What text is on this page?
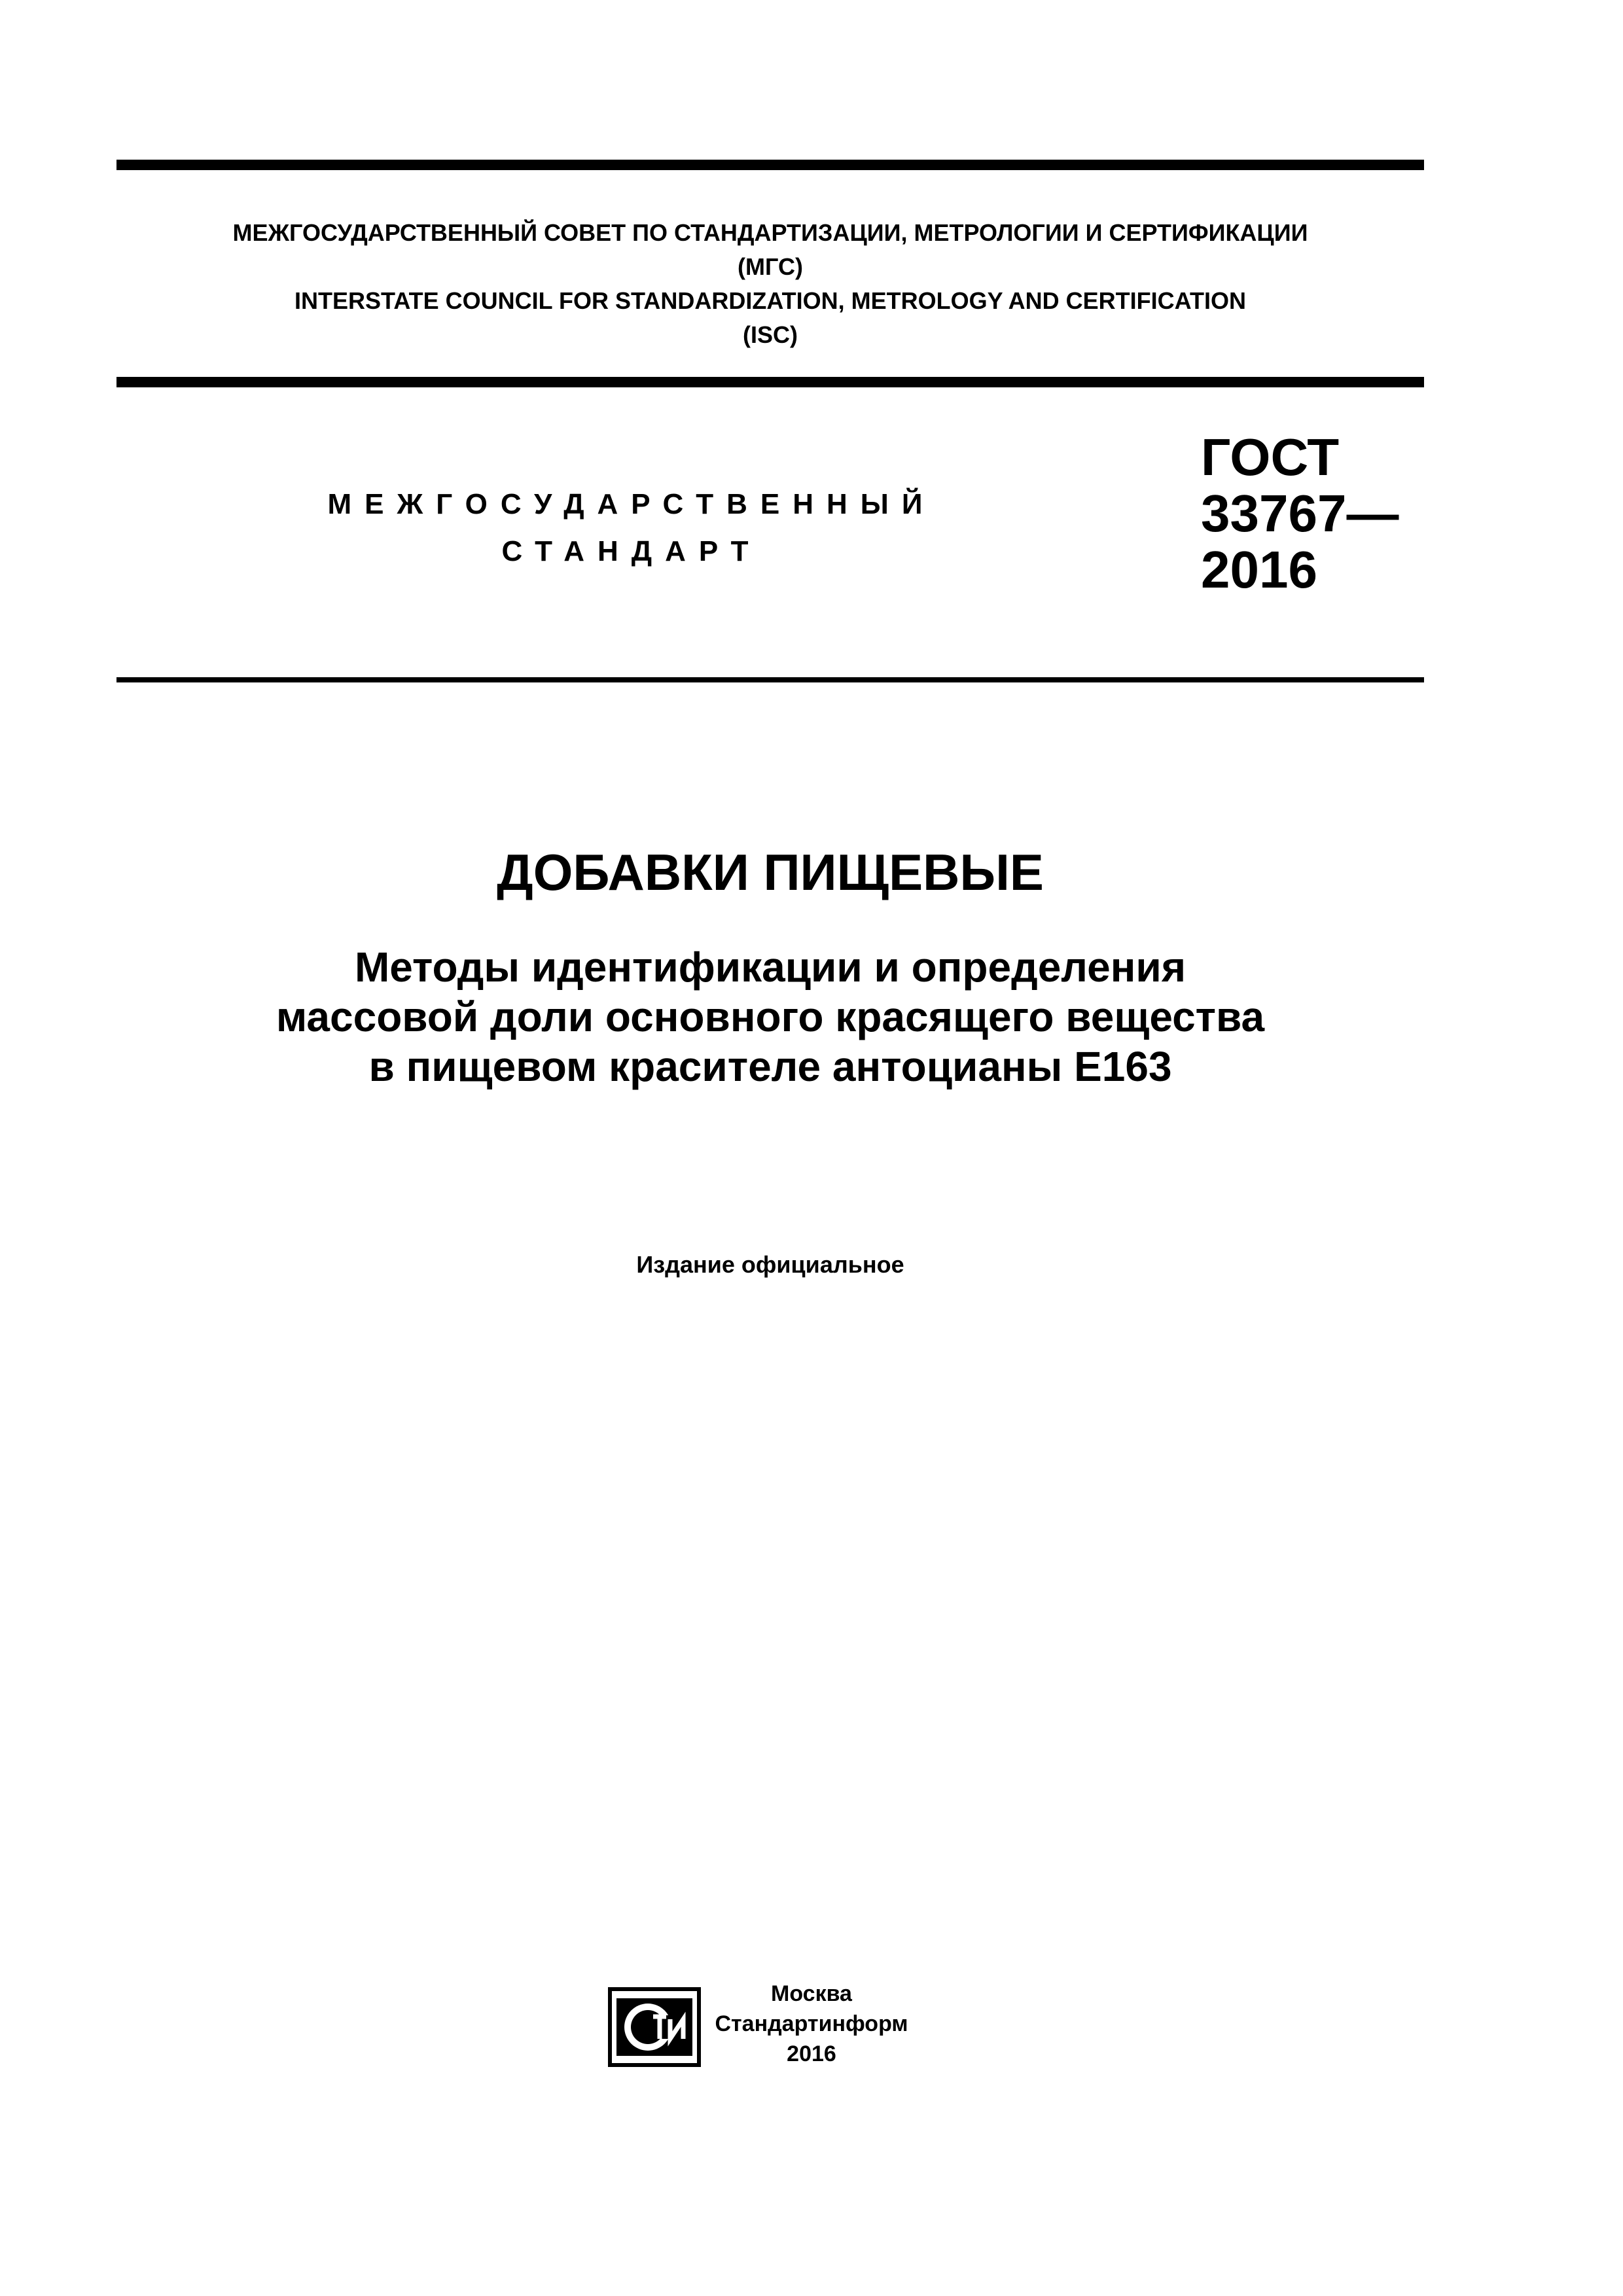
МЕЖГОСУДАРСТВЕННЫЙ СОВЕТ ПО СТАНДАРТИЗАЦИИ, МЕТРОЛОГИИ И СЕРТИФИКАЦИИ
(МГС)
INTERSTATE COUNCIL FOR STANDARDIZATION, METROLOGY AND CERTIFICATION
(ISC)
МЕЖГОСУДАРСТВЕННЫЙ
СТАНДАРТ
ГОСТ
33767—
2016
ДОБАВКИ ПИЩЕВЫЕ
Методы идентификации и определения
массовой доли основного красящего вещества
в пищевом красителе антоцианы Е163
Издание официальное
Москва
Стандартинформ
2016
